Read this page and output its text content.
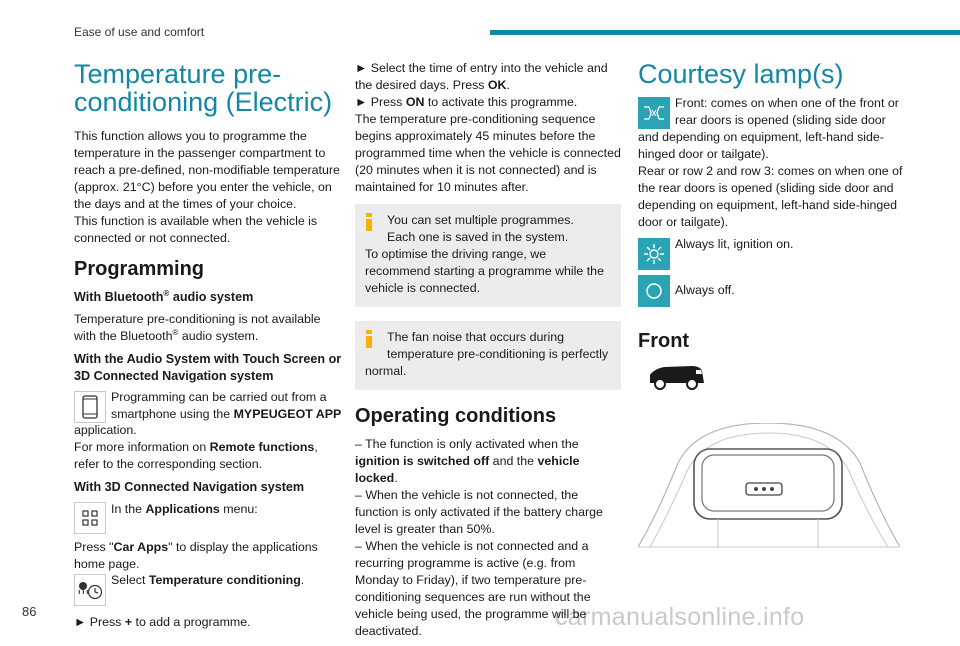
Ease of use and comfort
86	carmanualsonline.info
Temperature pre-
conditioning (Electric)

This function allows you to programme the temperature in the passenger compartment to reach a pre-defined, non-modifiable temperature (approx. 21°C) before you enter the vehicle, on the days and at the times of your choice.
This function is available when the vehicle is connected or not connected.

Programming
With Bluetooth® audio system

Temperature pre-conditioning is not available with the Bluetooth® audio system.

With the Audio System with Touch Screen or 3D Connected Navigation system
Programming can be carried out from a smartphone using the MYPEUGEOT APP

application.
For more information on Remote functions, refer to the corresponding section.

With 3D Connected Navigation system
In the Applications menu:

Press "Car Apps" to display the applications home page.

Select Temperature conditioning.

► Press + to add a programme.

► Select the time of entry into the vehicle and the desired days. Press OK.
► Press ON to activate this programme.

The temperature pre-conditioning sequence begins approximately 45 minutes before the programmed time when the vehicle is connected (20 minutes when it is not connected) and is maintained for 10 minutes after.

You can set multiple programmes.
Each one is saved in the system.
To optimise the driving range, we recommend starting a programme while the vehicle is connected.
The fan noise that occurs during temperature pre-conditioning is perfectly
normal.
Operating conditions

– The function is only activated when the ignition is switched off and the vehicle locked.

– When the vehicle is not connected, the function is only activated if the battery charge level is greater than 50%.

– When the vehicle is not connected and a recurring programme is active (e.g. from Monday to Friday), if two temperature pre-conditioning sequences are run without the vehicle being used, the programme will be deactivated.

Courtesy lamp(s)
Front: comes on when one of the front or rear doors is opened (sliding side door

and depending on equipment, left-hand side-hinged door or tailgate).
Rear or row 2 and row 3: comes on when one of the rear doors is opened (sliding side door and depending on equipment, left-hand side-hinged door or tailgate).

Always lit, ignition on.
Always off.
Front
